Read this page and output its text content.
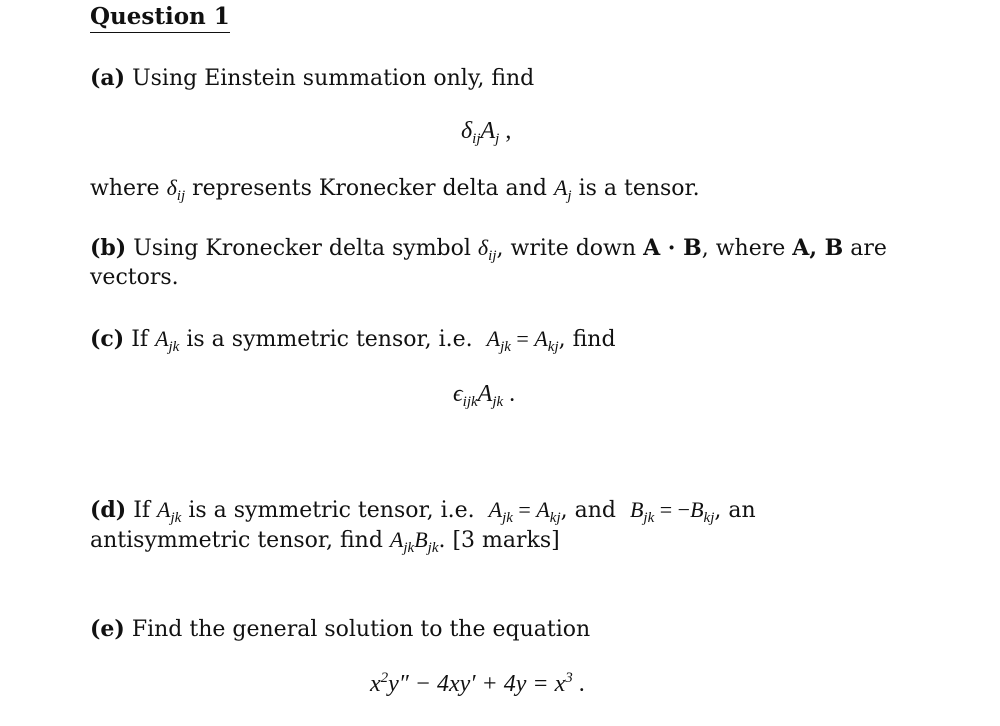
Question 1
(a) Using Einstein summation only, find
$\delta_{ij}A_j$ ,
where $\delta_{ij}$ represents Kronecker delta and $A_j$ is a tensor.
(b) Using Kronecker delta symbol $\delta_{ij}$, write down A · B, where A, B are
vectors.
(c) If $A_{jk}$ is a symmetric tensor, i.e. $A_{jk} = A_{kj}$, find
$\epsilon_{ijk}A_{jk}$ .
(d) If $A_{jk}$ is a symmetric tensor, i.e. $A_{jk} = A_{kj}$, and $B_{jk} = -B_{kj}$, an
antisymmetric tensor, find $A_{jk}B_{jk}$. [3 marks]
(e) Find the general solution to the equation
$x^2y'' - 4xy' + 4y = x^3$ .
